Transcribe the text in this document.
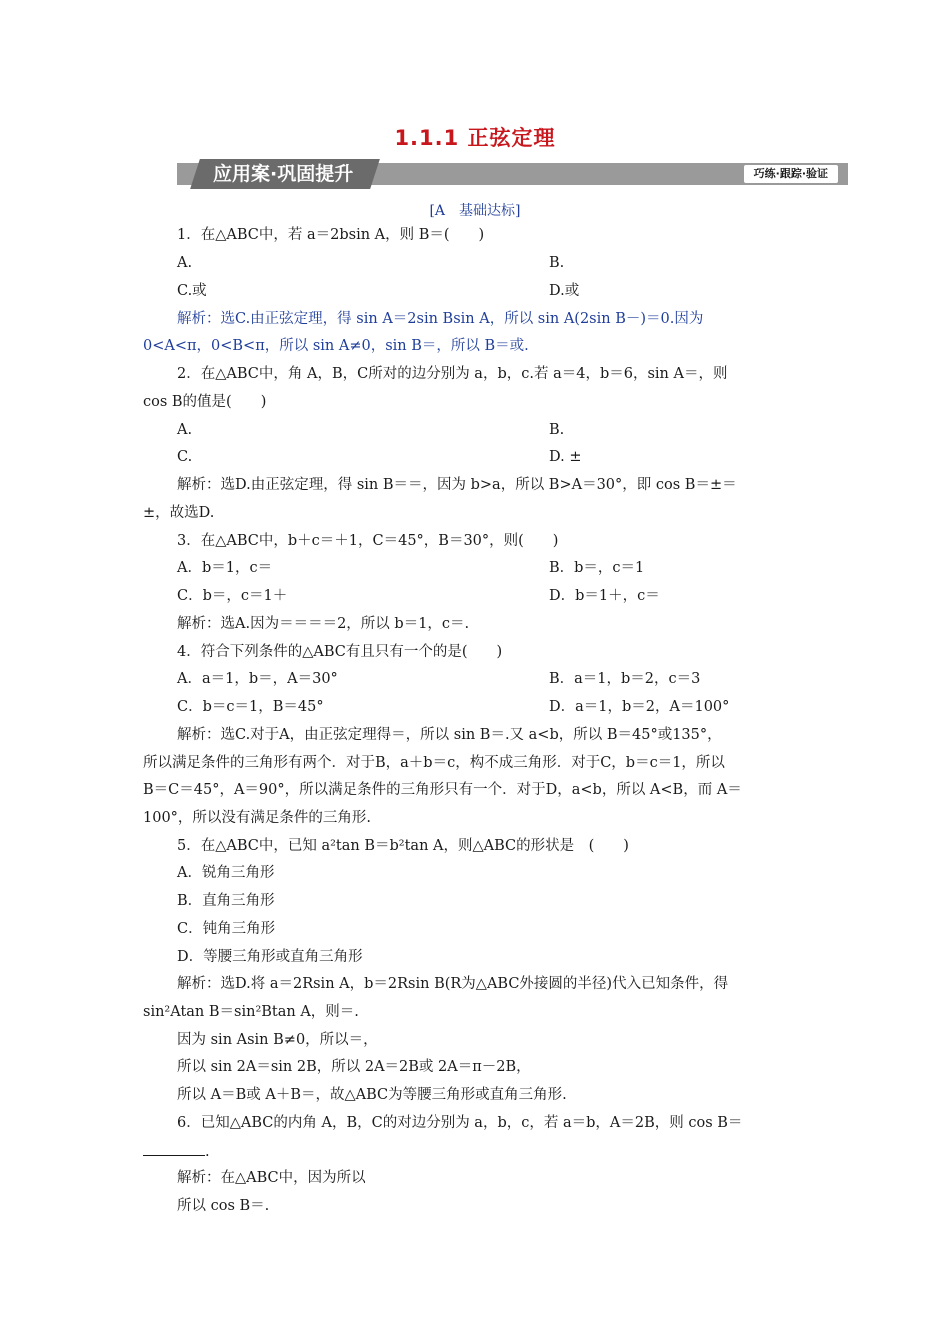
1.1.1 正弦定理
应用案·巩固提升	巧练·跟踪·验证
[A　基础达标]
1．在△ABC中，若 a＝2bsin A，则 B＝(　　)
A.	B.
C.或	D.或
解析：选C.由正弦定理，得 sin A＝2sin Bsin A，所以 sin A(2sin B－)＝0.因为
0<A<π，0<B<π，所以 sin A≠0，sin B＝，所以 B＝或.
2．在△ABC中，角 A，B，C所对的边分别为 a，b，c.若 a＝4，b＝6，sin A＝，则
cos B的值是(　　)
A.	B.
C.	D. ±
解析：选D.由正弦定理，得 sin B＝＝，因为 b>a，所以 B>A＝30°，即 cos B＝±＝
±，故选D.
3．在△ABC中，b＋c＝＋1，C＝45°，B＝30°，则(　　)
A．b＝1，c＝	B．b＝，c＝1
C．b＝，c＝1＋	D．b＝1＋，c＝
解析：选A.因为＝＝＝＝2，所以 b＝1，c＝.
4．符合下列条件的△ABC有且只有一个的是(　　)
A．a＝1，b＝，A＝30°	B．a＝1，b＝2，c＝3
C．b＝c＝1，B＝45°	D．a＝1，b＝2，A＝100°
解析：选C.对于A，由正弦定理得＝，所以 sin B＝.又 a<b，所以 B＝45°或135°，
所以满足条件的三角形有两个．对于B，a＋b＝c，构不成三角形．对于C，b＝c＝1，所以
B＝C＝45°，A＝90°，所以满足条件的三角形只有一个．对于D，a<b，所以 A<B，而 A＝
100°，所以没有满足条件的三角形.
5．在△ABC中，已知 a²tan B＝b²tan A，则△ABC的形状是　(　　)
A．锐角三角形
B．直角三角形
C．钝角三角形
D．等腰三角形或直角三角形
解析：选D.将 a＝2Rsin A，b＝2Rsin B(R为△ABC外接圆的半径)代入已知条件，得
sin²Atan B＝sin²Btan A，则＝.
因为 sin Asin B≠0，所以＝，
所以 sin 2A＝sin 2B，所以 2A＝2B或 2A＝π－2B，
所以 A＝B或 A＋B＝，故△ABC为等腰三角形或直角三角形.
6．已知△ABC的内角 A，B，C的对边分别为 a，b，c，若 a＝b，A＝2B，则 cos B＝
.
解析：在△ABC中，因为所以
所以 cos B＝.
